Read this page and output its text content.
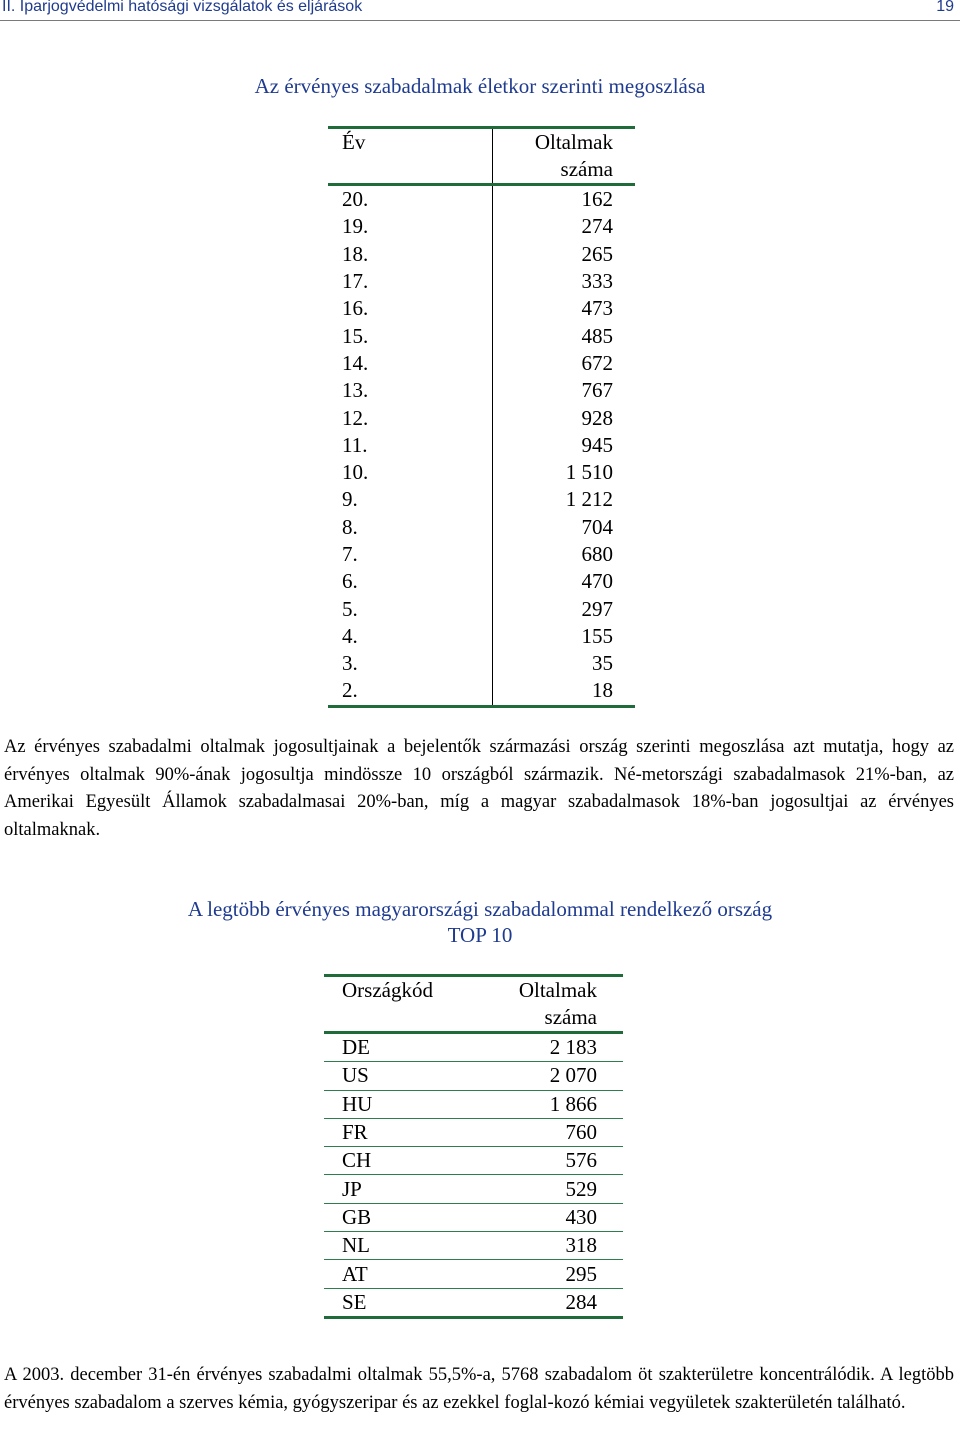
II. Iparjogvédelmi hatósági vizsgálatok és eljárások	19
Az érvényes szabadalmak életkor szerinti megoszlása
Év	Oltalmak
száma

20.	162
19.	274
18.	265
17.	333
16.	473
15.	485
14.	672
13.	767
12.	928
11.	945
10.	1 510
9.	1 212
8.	704
7.	680
6.	470
5.	297
4.	155
3.	35
2.	18
Az érvényes szabadalmi oltalmak jogosultjainak a bejelentők származási ország szerinti megoszlása azt mutatja, hogy az érvényes oltalmak 90%-ának jogosultja mindössze 10 országból származik. Né-metországi szabadalmasok 21%-ban, az Amerikai Egyesült Államok szabadalmasai 20%-ban, míg a magyar szabadalmasok 18%-ban jogosultjai az érvényes oltalmaknak.
A legtöbb érvényes magyarországi szabadalommal rendelkező ország
TOP 10
Országkód	Oltalmak
száma

DE	2 183
US	2 070
HU	1 866
FR	760
CH	576
JP	529
GB	430
NL	318
AT	295
SE	284
A 2003. december 31-én érvényes szabadalmi oltalmak 55,5%-a, 5768 szabadalom öt szakterületre koncentrálódik. A legtöbb érvényes szabadalom a szerves kémia, gyógyszeripar és az ezekkel foglal-kozó kémiai vegyületek szakterületén található.
